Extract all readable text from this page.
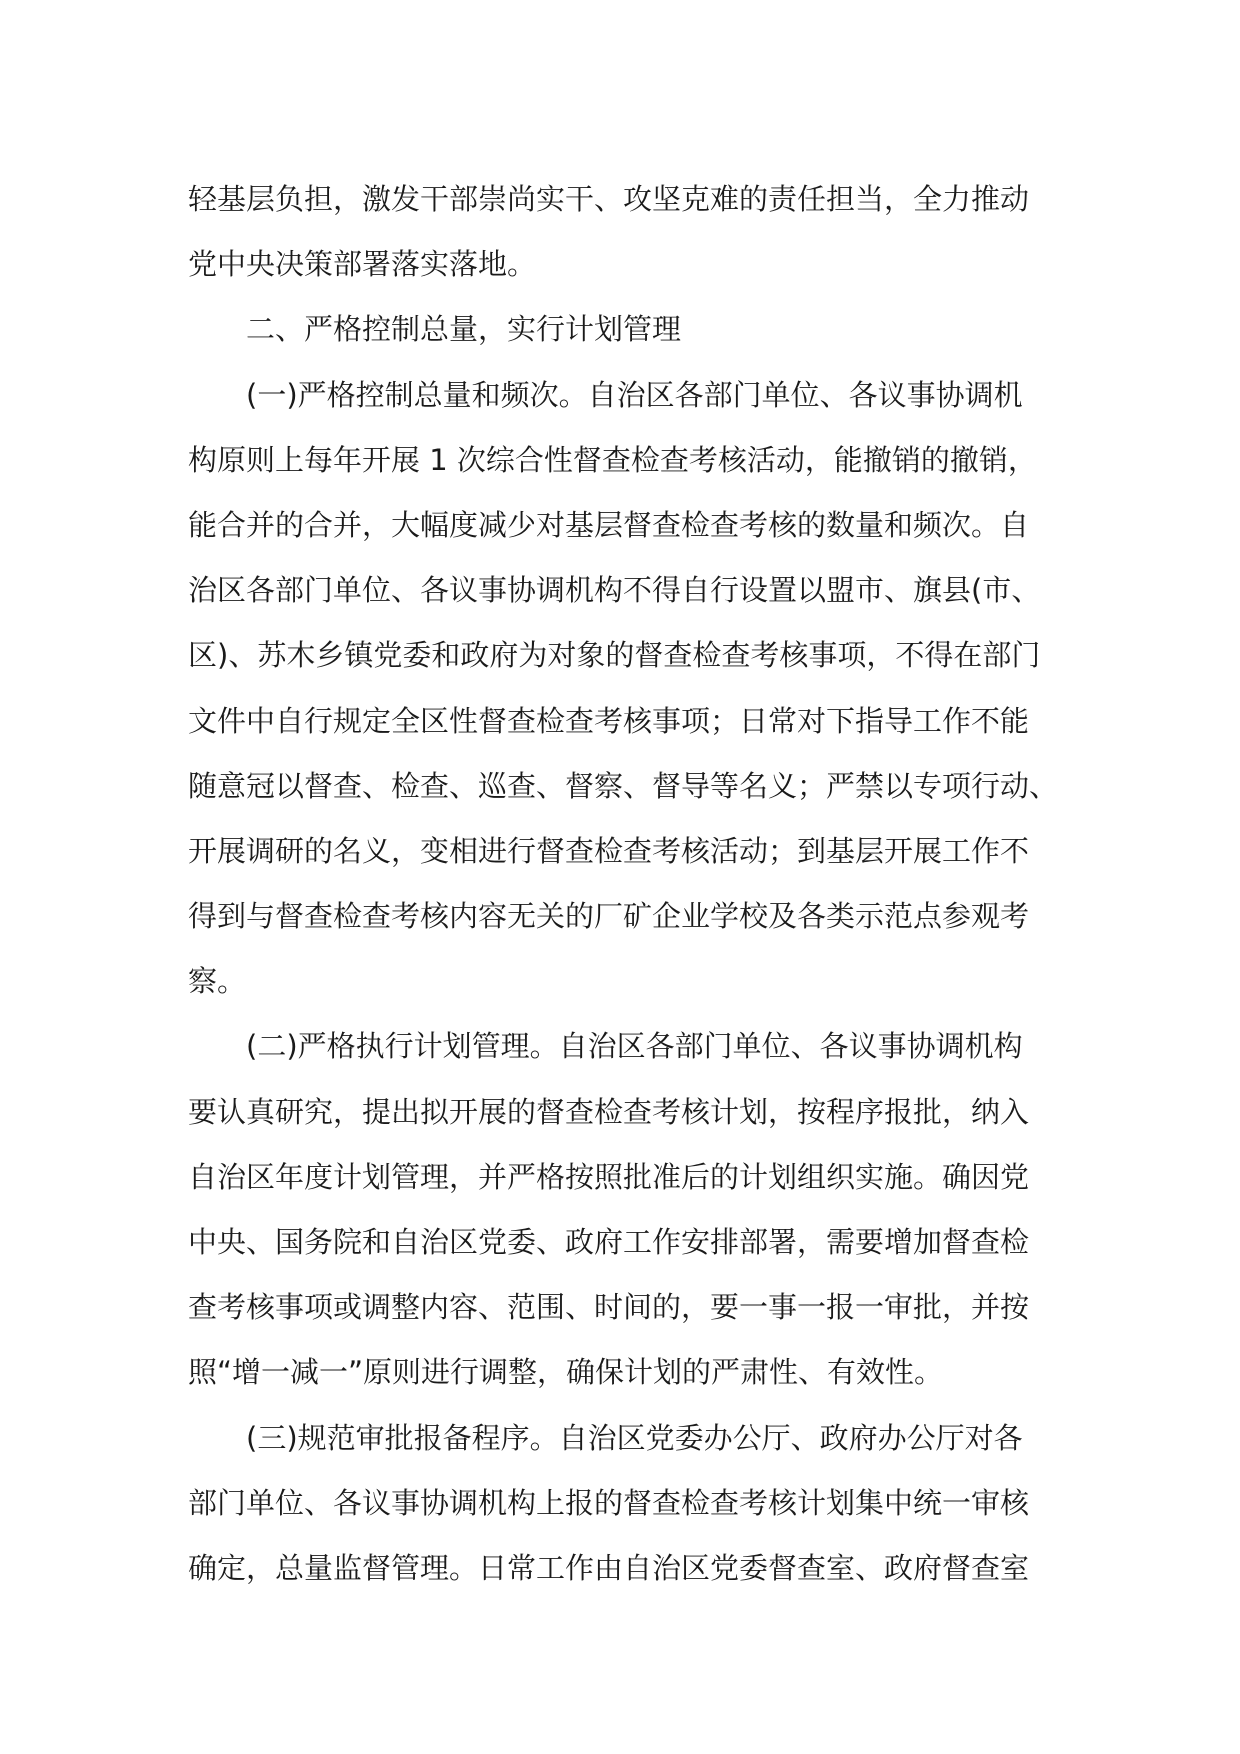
轻基层负担，激发干部崇尚实干、攻坚克难的责任担当，全力推动
党中央决策部署落实落地。
二、严格控制总量，实行计划管理
(一)严格控制总量和频次。自治区各部门单位、各议事协调机
构原则上每年开展 1 次综合性督查检查考核活动，能撤销的撤销，
能合并的合并，大幅度减少对基层督查检查考核的数量和频次。自
治区各部门单位、各议事协调机构不得自行设置以盟市、旗县(市、
区)、苏木乡镇党委和政府为对象的督查检查考核事项，不得在部门
文件中自行规定全区性督查检查考核事项；日常对下指导工作不能
随意冠以督查、检查、巡查、督察、督导等名义；严禁以专项行动、
开展调研的名义，变相进行督查检查考核活动；到基层开展工作不
得到与督查检查考核内容无关的厂矿企业学校及各类示范点参观考
察。
(二)严格执行计划管理。自治区各部门单位、各议事协调机构
要认真研究，提出拟开展的督查检查考核计划，按程序报批，纳入
自治区年度计划管理，并严格按照批准后的计划组织实施。确因党
中央、国务院和自治区党委、政府工作安排部署，需要增加督查检
查考核事项或调整内容、范围、时间的，要一事一报一审批，并按
照“增一减一”原则进行调整，确保计划的严肃性、有效性。
(三)规范审批报备程序。自治区党委办公厅、政府办公厅对各
部门单位、各议事协调机构上报的督查检查考核计划集中统一审核
确定，总量监督管理。日常工作由自治区党委督查室、政府督查室
